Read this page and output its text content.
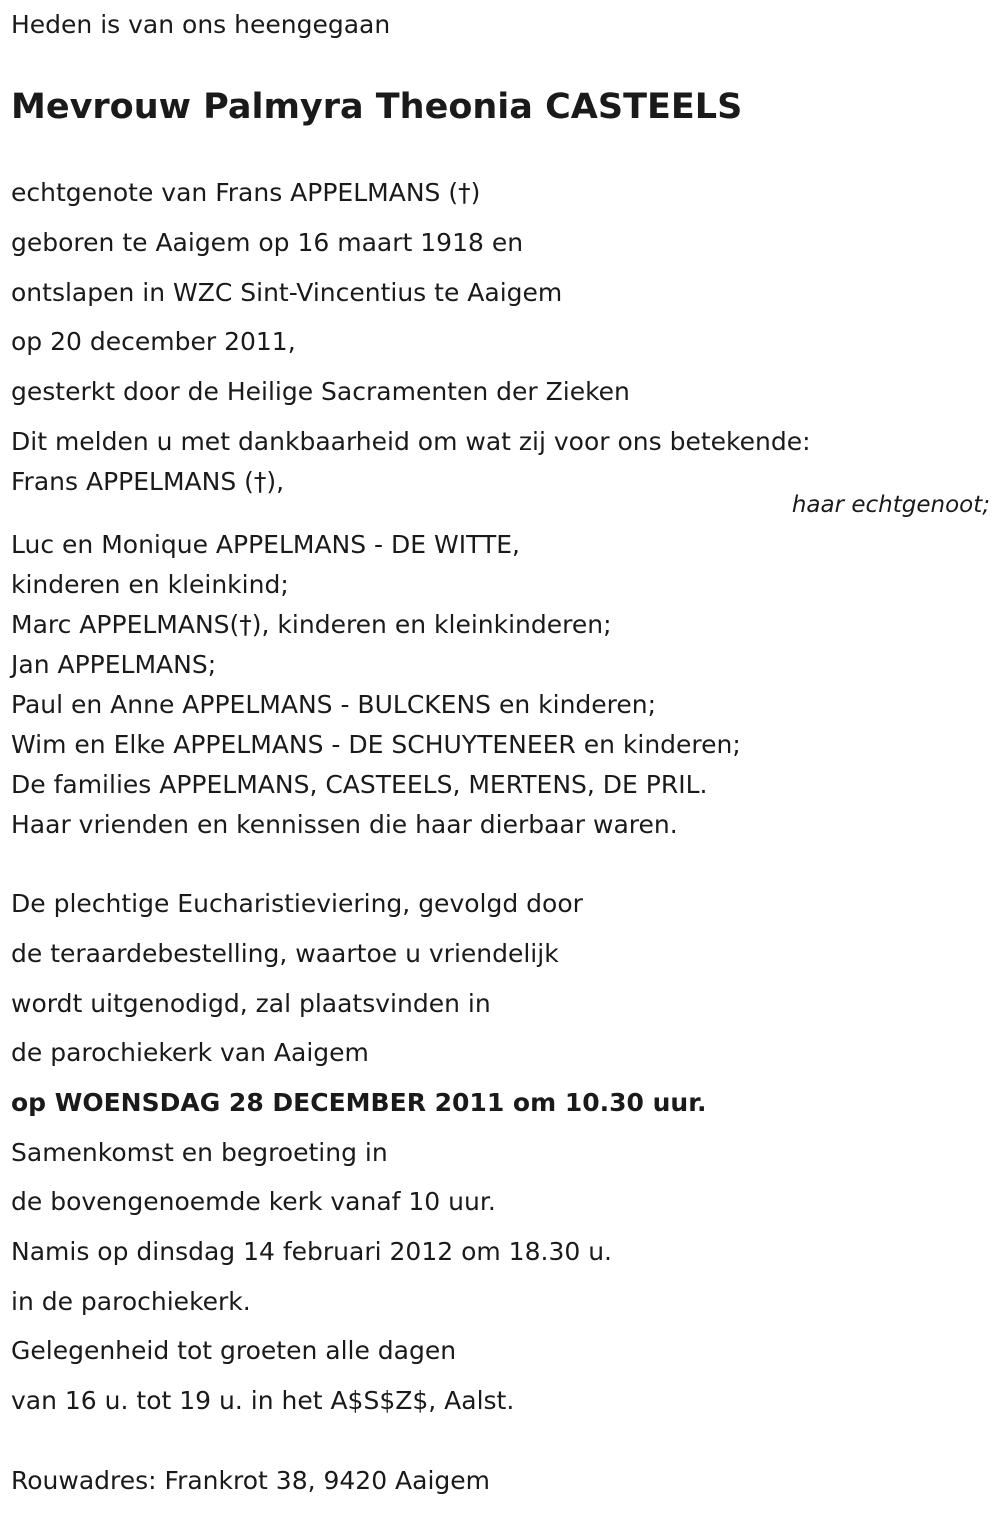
Heden is van ons heengegaan
Mevrouw Palmyra Theonia CASTEELS
echtgenote van Frans APPELMANS (†)
geboren te Aaigem op 16 maart 1918 en
ontslapen in WZC Sint-Vincentius te Aaigem
op 20 december 2011,
gesterkt door de Heilige Sacramenten der Zieken
Dit melden u met dankbaarheid om wat zij voor ons betekende:
Frans APPELMANS (†),
haar echtgenoot;
Luc en Monique APPELMANS - DE WITTE,
kinderen en kleinkind;
Marc APPELMANS(†), kinderen en kleinkinderen;
Jan APPELMANS;
Paul en Anne APPELMANS - BULCKENS en kinderen;
Wim en Elke APPELMANS - DE SCHUYTENEER en kinderen;
De families APPELMANS, CASTEELS, MERTENS, DE PRIL.
Haar vrienden en kennissen die haar dierbaar waren.
De plechtige Eucharistieviering, gevolgd door
de teraardebestelling, waartoe u vriendelijk
wordt uitgenodigd, zal plaatsvinden in
de parochiekerk van Aaigem
op WOENSDAG 28 DECEMBER 2011 om 10.30 uur.
Samenkomst en begroeting in
de bovengenoemde kerk vanaf 10 uur.
Namis op dinsdag 14 februari 2012 om 18.30 u.
in de parochiekerk.
Gelegenheid tot groeten alle dagen
van 16 u. tot 19 u. in het A$S$Z$, Aalst.
Rouwadres: Frankrot 38, 9420 Aaigem
